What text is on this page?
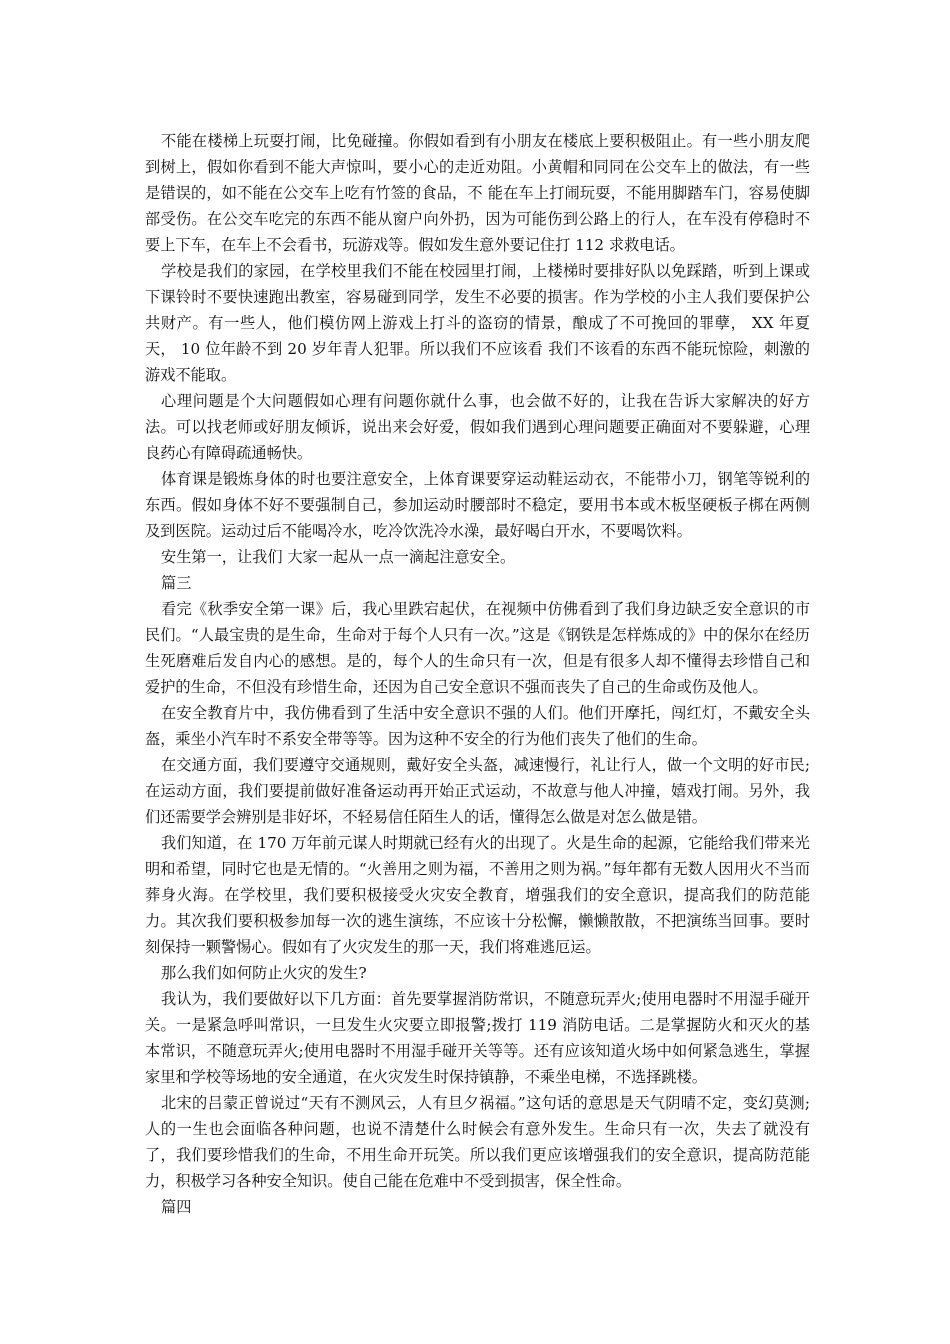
不能在楼梯上玩耍打闹，比免碰撞。你假如看到有小朋友在楼底上要积极阻止。有一些小朋友爬到树上，假如你看到不能大声惊叫，要小心的走近劝阻。小黄帽和同同在公交车上的做法，有一些是错误的，如不能在公交车上吃有竹签的食品，不 能在车上打闹玩耍，不能用脚踏车门，容易使脚部受伤。在公交车吃完的东西不能从窗户向外扔，因为可能伤到公路上的行人，在车没有停稳时不要上下车，在车上不会看书，玩游戏等。假如发生意外要记住打 112 求救电话。

学校是我们的家园，在学校里我们不能在校园里打闹，上楼梯时要排好队以免踩踏，听到上课或下课铃时不要快速跑出教室，容易碰到同学，发生不必要的损害。作为学校的小主人我们要保护公共财产。有一些人，他们模仿网上游戏上打斗的盗窃的情景，酿成了不可挽回的罪孽， XX 年夏天， 10 位年龄不到 20 岁年青人犯罪。所以我们不应该看 我们不该看的东西不能玩惊险，刺激的游戏不能取。

心理问题是个大问题假如心理有问题你就什么事，也会做不好的，让我在告诉大家解决的好方法。可以找老师或好朋友倾诉，说出来会好爱，假如我们遇到心理问题要正确面对不要躲避，心理良药心有障碍疏通畅快。

体育课是锻炼身体的时也要注意安全，上体育课要穿运动鞋运动衣，不能带小刀，钢笔等锐利的东西。假如身体不好不要强制自己，参加运动时腰部时不稳定，要用书本或木板坚硬板子梆在两侧及到医院。运动过后不能喝冷水，吃冷饮洗冷水澡，最好喝白开水，不要喝饮料。

安生第一，让我们 大家一起从一点一滴起注意安全。

篇三

看完《秋季安全第一课》后，我心里跌宕起伏，在视频中仿佛看到了我们身边缺乏安全意识的市民们。“人最宝贵的是生命，生命对于每个人只有一次。”这是《钢铁是怎样炼成的》中的保尔在经历生死磨难后发自内心的感想。是的，每个人的生命只有一次，但是有很多人却不懂得去珍惜自己和爱护的生命，不但没有珍惜生命，还因为自己安全意识不强而丧失了自己的生命或伤及他人。

在安全教育片中，我仿佛看到了生活中安全意识不强的人们。他们开摩托，闯红灯，不戴安全头盔，乘坐小汽车时不系安全带等等。因为这种不安全的行为他们丧失了他们的生命。

在交通方面，我们要遵守交通规则，戴好安全头盔，减速慢行，礼让行人，做一个文明的好市民;在运动方面，我们要提前做好准备运动再开始正式运动，不故意与他人冲撞，嬉戏打闹。另外，我们还需要学会辨别是非好坏，不轻易信任陌生人的话，懂得怎么做是对怎么做是错。

我们知道，在 170 万年前元谋人时期就已经有火的出现了。火是生命的起源，它能给我们带来光明和希望，同时它也是无情的。“火善用之则为福，不善用之则为祸。”每年都有无数人因用火不当而葬身火海。在学校里，我们要积极接受火灾安全教育，增强我们的安全意识，提高我们的防范能力。其次我们要积极参加每一次的逃生演练，不应该十分松懈，懒懒散散，不把演练当回事。要时刻保持一颗警惕心。假如有了火灾发生的那一天，我们将难逃厄运。

那么我们如何防止火灾的发生?

我认为，我们要做好以下几方面：首先要掌握消防常识，不随意玩弄火;使用电器时不用湿手碰开关。一是紧急呼叫常识，一旦发生火灾要立即报警;拨打 119 消防电话。二是掌握防火和灭火的基本常识，不随意玩弄火;使用电器时不用湿手碰开关等等。还有应该知道火场中如何紧急逃生，掌握家里和学校等场地的安全通道，在火灾发生时保持镇静，不乘坐电梯，不选择跳楼。

北宋的吕蒙正曾说过“天有不测风云，人有旦夕祸福。”这句话的意思是天气阴晴不定，变幻莫测;人的一生也会面临各种问题，也说不清楚什么时候会有意外发生。生命只有一次，失去了就没有了，我们要珍惜我们的生命，不用生命开玩笑。所以我们更应该增强我们的安全意识，提高防范能力，积极学习各种安全知识。使自己能在危难中不受到损害，保全性命。

篇四
